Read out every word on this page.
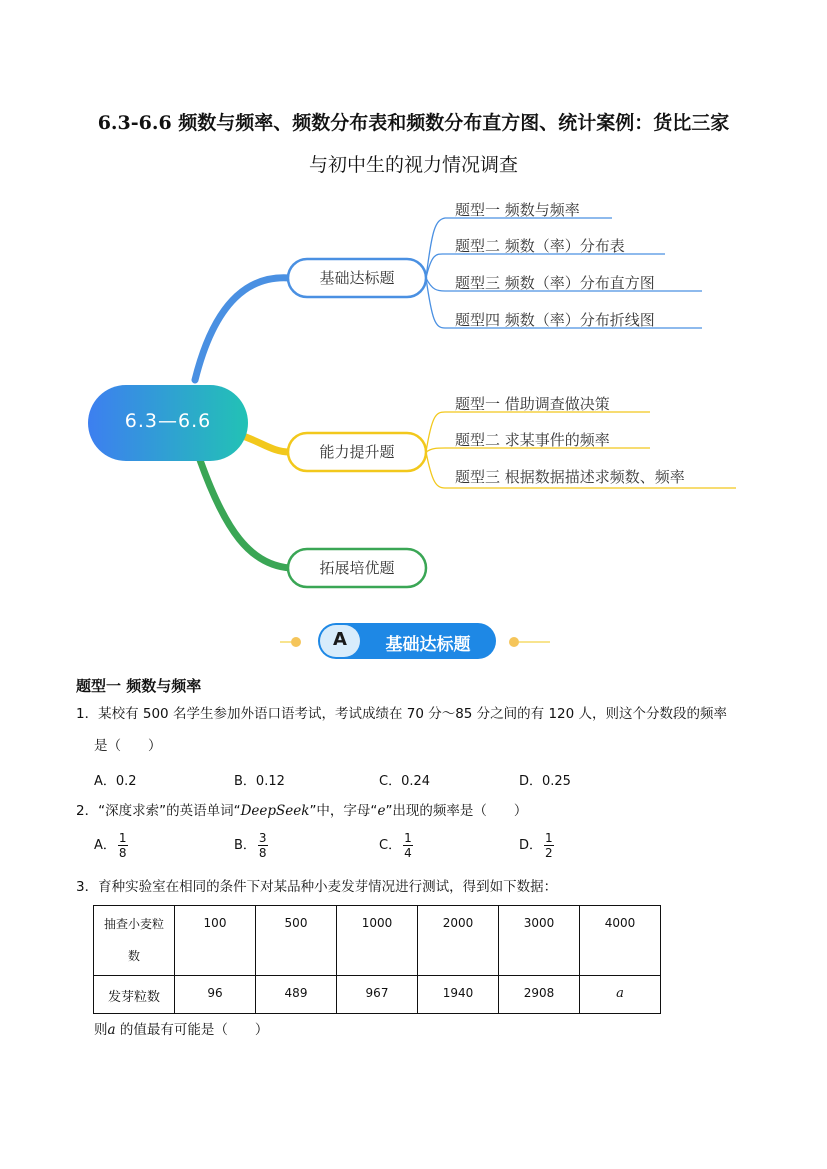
6.3-6.6 频数与频率、频数分布表和频数分布直方图、统计案例：货比三家
与初中生的视力情况调查
6.3—6.6
基础达标题
能力提升题
拓展培优题
题型一 频数与频率
题型二 频数（率）分布表
题型三 频数（率）分布直方图
题型四 频数（率）分布折线图
题型一 借助调查做决策
题型二 求某事件的频率
题型三 根据数据描述求频数、频率
A	基础达标题
题型一 频数与频率
1．某校有 500 名学生参加外语口语考试，考试成绩在 70 分～85 分之间的有 120 人，则这个分数段的频率
是（　　）
A．0.2	B．0.12	C．0.24	D．0.25
2．“深度求索”的英语单词“DeepSeek”中，字母“e”出现的频率是（　　）
A． $\frac{1}{8}$	B． $\frac{3}{8}$	C． $\frac{1}{4}$	D． $\frac{1}{2}$
3．育种实验室在相同的条件下对某品种小麦发芽情况进行测试，得到如下数据：
抽查小麦粒
数	100	500	1000	2000	3000	4000
发芽粒数	96	489	967	1940	2908	a
则a 的值最有可能是（　　）
